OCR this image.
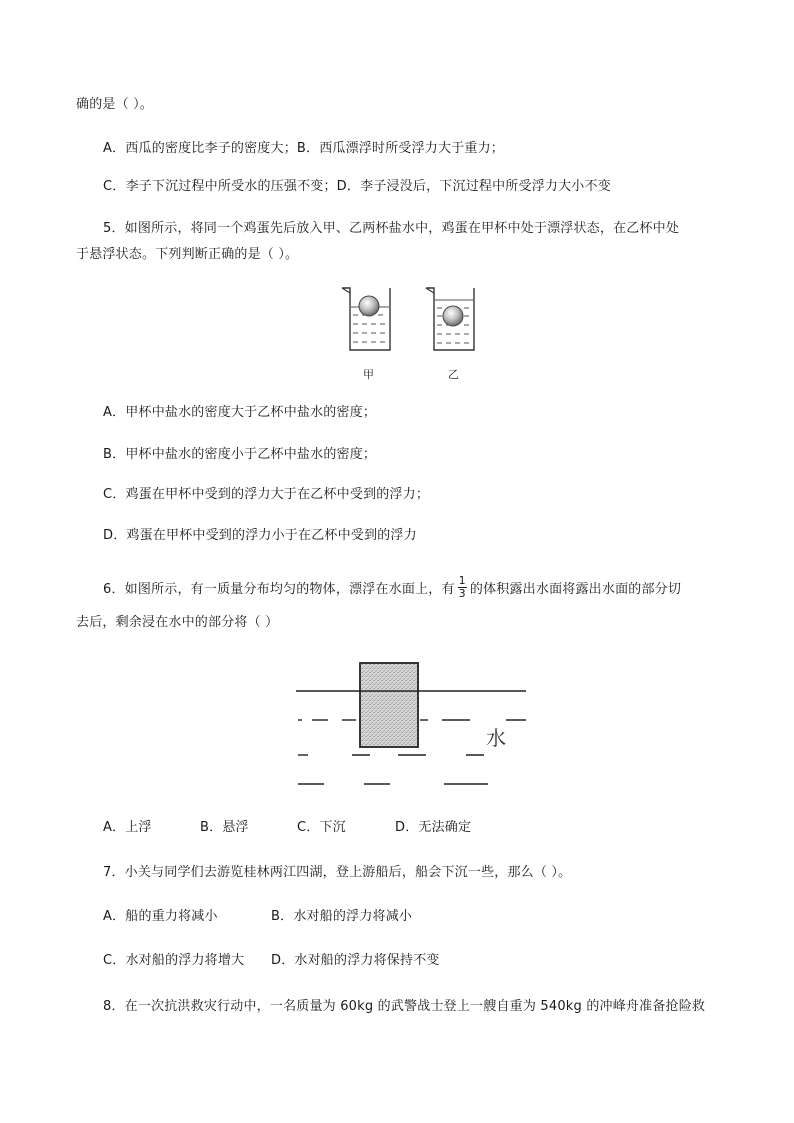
确的是（ ）。
A．西瓜的密度比李子的密度大；B．西瓜漂浮时所受浮力大于重力；
C．李子下沉过程中所受水的压强不变；D．李子浸没后，下沉过程中所受浮力大小不变
5．如图所示，将同一个鸡蛋先后放入甲、乙两杯盐水中，鸡蛋在甲杯中处于漂浮状态，在乙杯中处
于悬浮状态。下列判断正确的是（ ）。
甲	乙
A．甲杯中盐水的密度大于乙杯中盐水的密度；
B．甲杯中盐水的密度小于乙杯中盐水的密度；
C．鸡蛋在甲杯中受到的浮力大于在乙杯中受到的浮力；
D．鸡蛋在甲杯中受到的浮力小于在乙杯中受到的浮力
6．如图所示，有一质量分布均匀的物体，漂浮在水面上，有 $\frac{1}{3}$ 的体积露出水面将露出水面的部分切
去后，剩余浸在水中的部分将（ ）
水
A．上浮	B．悬浮	C．下沉	D．无法确定
7．小关与同学们去游览桂林两江四湖，登上游船后，船会下沉一些，那么（ ）。
A．船的重力将减小	B．水对船的浮力将减小
C．水对船的浮力将增大 D．水对船的浮力将保持不变
8．在一次抗洪救灾行动中，一名质量为 60kg 的武警战士登上一艘自重为 540kg 的冲峰舟准备抢险救
